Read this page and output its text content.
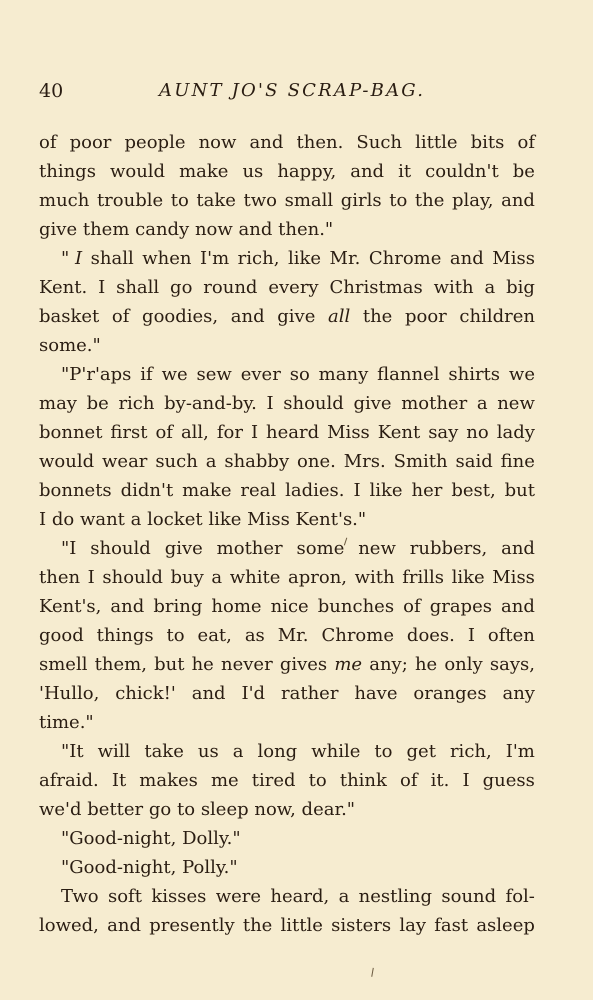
40	AUNT JO'S SCRAP-BAG.
of poor people now and then. Such little bits of
things would make us happy, and it couldn't be
much trouble to take two small girls to the play, and
give them candy now and then."
" I shall when I'm rich, like Mr. Chrome and Miss
Kent. I shall go round every Christmas with a big
basket of goodies, and give all the poor children
some."
"P'r'aps if we sew ever so many flannel shirts we
may be rich by-and-by. I should give mother a new
bonnet first of all, for I heard Miss Kent say no lady
would wear such a shabby one. Mrs. Smith said fine
bonnets didn't make real ladies. I like her best, but
I do want a locket like Miss Kent's."
"I should give mother some new rubbers, and
then I should buy a white apron, with frills like Miss
Kent's, and bring home nice bunches of grapes and
good things to eat, as Mr. Chrome does. I often
smell them, but he never gives me any; he only says,
'Hullo, chick!' and I'd rather have oranges any
time."
"It will take us a long while to get rich, I'm
afraid. It makes me tired to think of it. I guess
we'd better go to sleep now, dear."
"Good-night, Dolly."
"Good-night, Polly."
Two soft kisses were heard, a nestling sound fol-
lowed, and presently the little sisters lay fast asleep
